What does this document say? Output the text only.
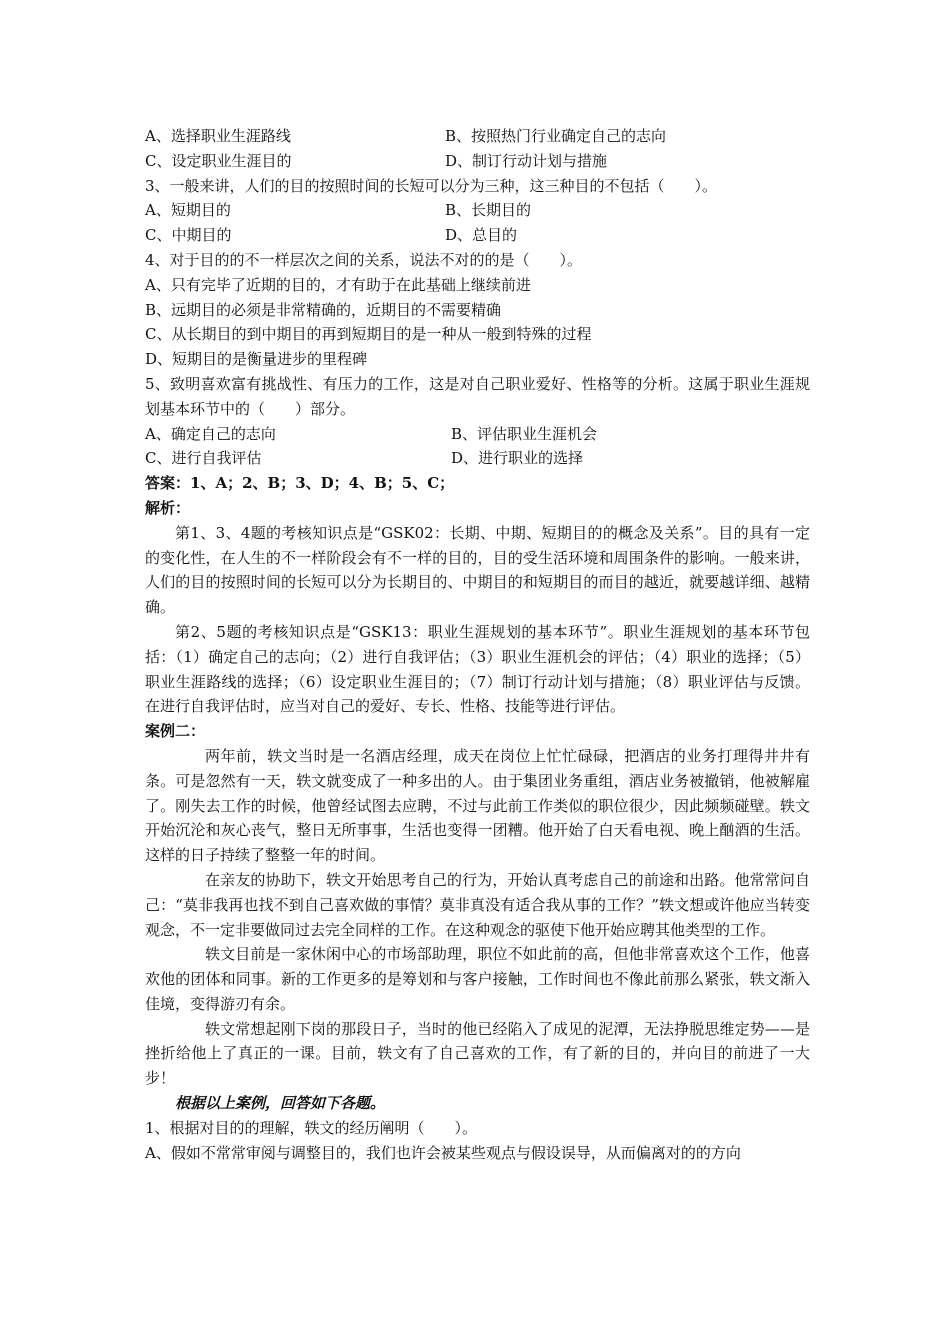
A、选择职业生涯路线	B、按照热门行业确定自己的志向
C、设定职业生涯目的	D、制订行动计划与措施
3、一般来讲，人们的目的按照时间的长短可以分为三种，这三种目的不包括（　　）。
A、短期目的	B、长期目的
C、中期目的	D、总目的
4、对于目的的不一样层次之间的关系，说法不对的的是（　　）。
A、只有完毕了近期的目的，才有助于在此基础上继续前进
B、远期目的必须是非常精确的，近期目的不需要精确
C、从长期目的到中期目的再到短期目的是一种从一般到特殊的过程
D、短期目的是衡量进步的里程碑
5、致明喜欢富有挑战性、有压力的工作，这是对自己职业爱好、性格等的分析。这属于职业生涯规划基本环节中的（　　）部分。
A、确定自己的志向	B、评估职业生涯机会
C、进行自我评估	D、进行职业的选择
答案：1、A；2、B；3、D；4、B；5、C；
解析：
第1、3、4题的考核知识点是“GSK02：长期、中期、短期目的的概念及关系”。目的具有一定的变化性，在人生的不一样阶段会有不一样的目的，目的受生活环境和周围条件的影响。一般来讲，人们的目的按照时间的长短可以分为长期目的、中期目的和短期目的而目的越近，就要越详细、越精确。
第2、5题的考核知识点是“GSK13：职业生涯规划的基本环节”。职业生涯规划的基本环节包括：（1）确定自己的志向；（2）进行自我评估；（3）职业生涯机会的评估；（4）职业的选择；（5）职业生涯路线的选择；（6）设定职业生涯目的；（7）制订行动计划与措施；（8）职业评估与反馈。在进行自我评估时，应当对自己的爱好、专长、性格、技能等进行评估。
案例二：
两年前，轶文当时是一名酒店经理，成天在岗位上忙忙碌碌，把酒店的业务打理得井井有条。可是忽然有一天，轶文就变成了一种多出的人。由于集团业务重组，酒店业务被撤销，他被解雇了。刚失去工作的时候，他曾经试图去应聘，不过与此前工作类似的职位很少，因此频频碰壁。轶文开始沉沦和灰心丧气，整日无所事事，生活也变得一团糟。他开始了白天看电视、晚上酗酒的生活。这样的日子持续了整整一年的时间。
在亲友的协助下，轶文开始思考自己的行为，开始认真考虑自己的前途和出路。他常常问自己：“莫非我再也找不到自己喜欢做的事情？莫非真没有适合我从事的工作？”轶文想或许他应当转变观念，不一定非要做同过去完全同样的工作。在这种观念的驱使下他开始应聘其他类型的工作。
轶文目前是一家休闲中心的市场部助理，职位不如此前的高，但他非常喜欢这个工作，他喜欢他的团体和同事。新的工作更多的是筹划和与客户接触，工作时间也不像此前那么紧张，轶文渐入佳境，变得游刃有余。
轶文常想起刚下岗的那段日子，当时的他已经陷入了成见的泥潭，无法挣脱思维定势——是挫折给他上了真正的一课。目前，轶文有了自己喜欢的工作，有了新的目的，并向目的前进了一大步！
根据以上案例，回答如下各题。
1、根据对目的的理解，轶文的经历阐明（　　）。
A、假如不常常审阅与调整目的，我们也许会被某些观点与假设误导，从而偏离对的的方向
